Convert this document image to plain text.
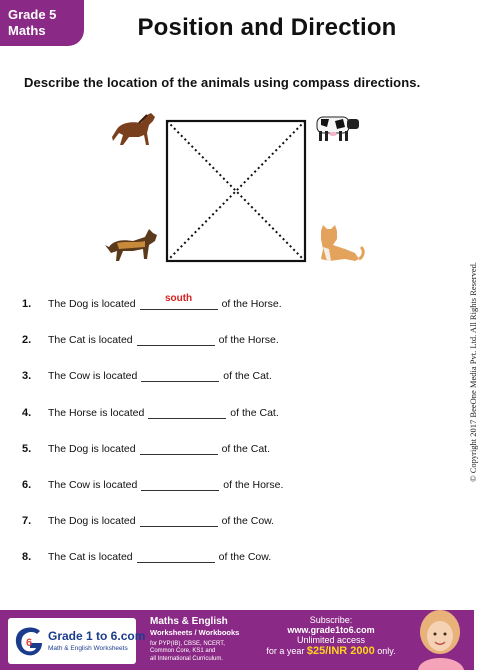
Grade 5
Maths	Position and Direction
Describe the location of the animals using compass directions.
© Copyright 2017 BeeOne Media Pvt. Ltd. All Rights Reserved.
1.	The Dog is located	south	of the Horse.
2.	The Cat is located	of the Horse.
3.	The Cow is located	of the Cat.
4.	The Horse is located	of the Cat.
5.	The Dog is located	of the Cat.
6.	The Cow is located	of the Horse.
7.	The Dog is located	of the Cow.
8.	The Cat is located	of the Cow.
6 Grade 1 to 6.com
Math & English Worksheets
Maths & English
Worksheets / Workbooks
for PYP(IB), CBSE, NCERT,
Common Core, KS1 and
all International Curriculum.
Subscribe:
www.grade1to6.com
Unlimited access
for a year $25/INR 2000 only.
